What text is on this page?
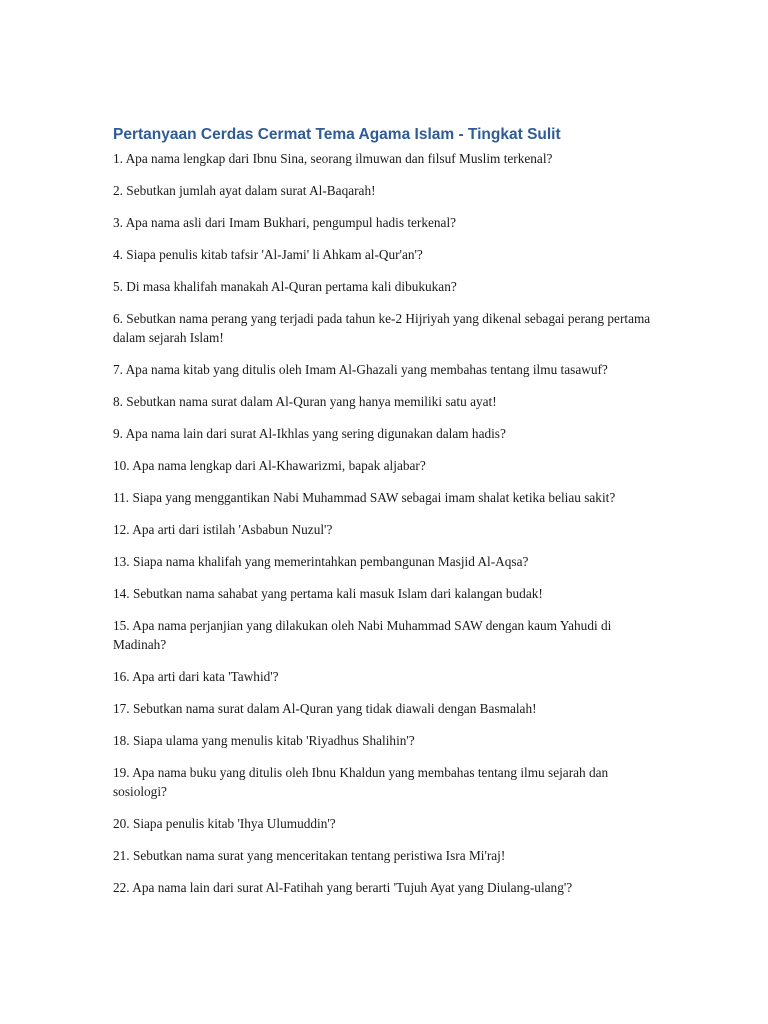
Pertanyaan Cerdas Cermat Tema Agama Islam - Tingkat Sulit
1. Apa nama lengkap dari Ibnu Sina, seorang ilmuwan dan filsuf Muslim terkenal?
2. Sebutkan jumlah ayat dalam surat Al-Baqarah!
3. Apa nama asli dari Imam Bukhari, pengumpul hadis terkenal?
4. Siapa penulis kitab tafsir 'Al-Jami' li Ahkam al-Qur'an'?
5. Di masa khalifah manakah Al-Quran pertama kali dibukukan?
6. Sebutkan nama perang yang terjadi pada tahun ke-2 Hijriyah yang dikenal sebagai perang pertama dalam sejarah Islam!
7. Apa nama kitab yang ditulis oleh Imam Al-Ghazali yang membahas tentang ilmu tasawuf?
8. Sebutkan nama surat dalam Al-Quran yang hanya memiliki satu ayat!
9. Apa nama lain dari surat Al-Ikhlas yang sering digunakan dalam hadis?
10. Apa nama lengkap dari Al-Khawarizmi, bapak aljabar?
11. Siapa yang menggantikan Nabi Muhammad SAW sebagai imam shalat ketika beliau sakit?
12. Apa arti dari istilah 'Asbabun Nuzul'?
13. Siapa nama khalifah yang memerintahkan pembangunan Masjid Al-Aqsa?
14. Sebutkan nama sahabat yang pertama kali masuk Islam dari kalangan budak!
15. Apa nama perjanjian yang dilakukan oleh Nabi Muhammad SAW dengan kaum Yahudi di Madinah?
16. Apa arti dari kata 'Tawhid'?
17. Sebutkan nama surat dalam Al-Quran yang tidak diawali dengan Basmalah!
18. Siapa ulama yang menulis kitab 'Riyadhus Shalihin'?
19. Apa nama buku yang ditulis oleh Ibnu Khaldun yang membahas tentang ilmu sejarah dan sosiologi?
20. Siapa penulis kitab 'Ihya Ulumuddin'?
21. Sebutkan nama surat yang menceritakan tentang peristiwa Isra Mi'raj!
22. Apa nama lain dari surat Al-Fatihah yang berarti 'Tujuh Ayat yang Diulang-ulang'?
